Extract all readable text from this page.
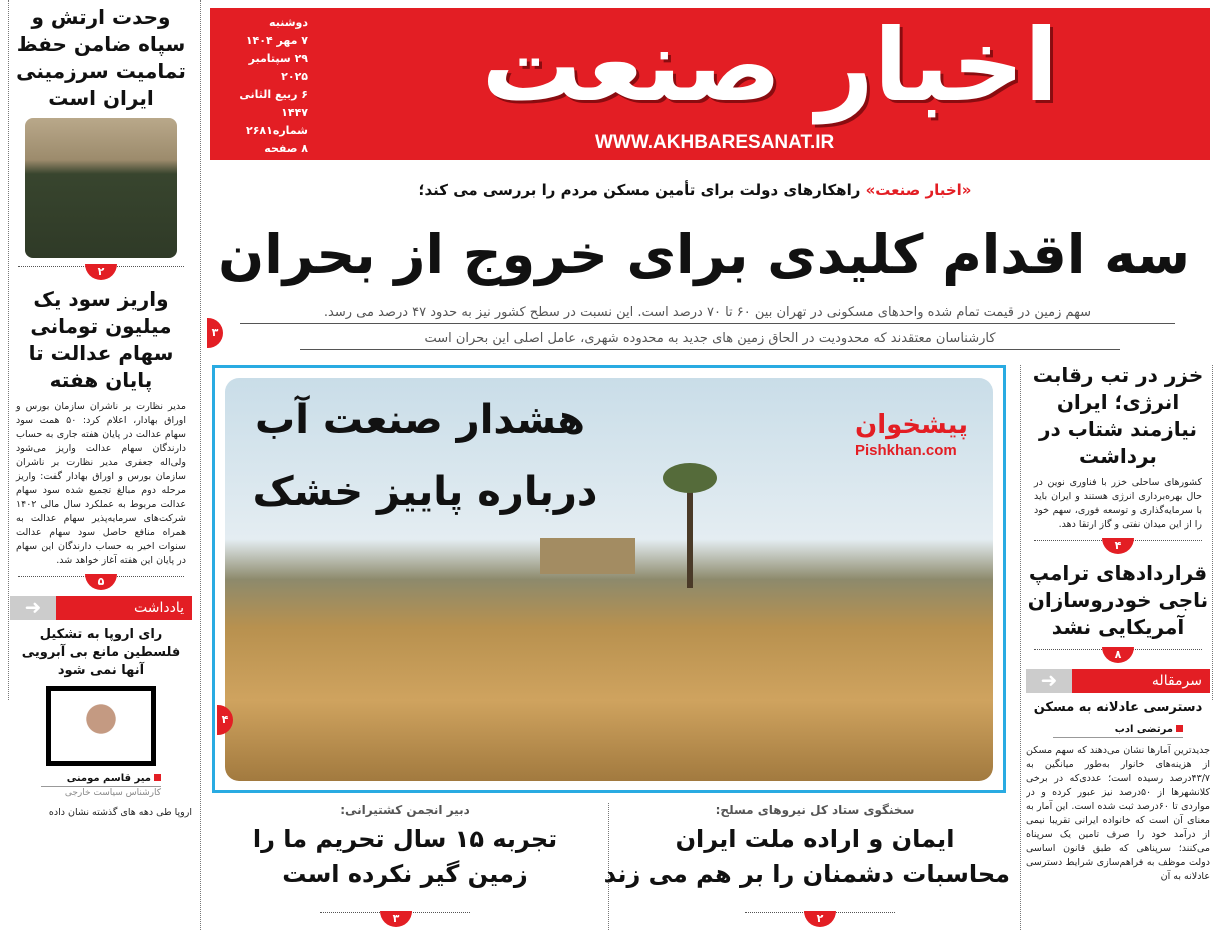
دوشنبه
۷ مهر ۱۴۰۴
۲۹ سپتامبر ۲۰۲۵
۶ ربیع الثانی ۱۴۴۷
شماره۲۶۸۱
۸ صفحه
۱۰۰۰۰ تومان
اخبار صنعت
WWW.AKHBARESANAT.IR
«اخبار صنعت» راهکارهای دولت برای تأمین مسکن مردم را بررسی می کند؛
سه اقدام کلیدی برای خروج از بحران
سهم زمین در قیمت تمام شده واحدهای مسکونی در تهران بین ۶۰ تا ۷۰ درصد است. این نسبت در سطح کشور نیز به حدود ۴۷ درصد می رسد.
کارشناسان معتقدند که محدودیت در الحاق زمین های جدید به محدوده شهری، عامل اصلی این بحران است
۳
هشدار صنعت آب
درباره پاییز خشک
پیشخوان
Pishkhan.com
۴
وحدت ارتش و سپاه ضامن حفظ تمامیت سرزمینی ایران است
۲
واریز سود یک میلیون تومانی سهام عدالت تا پایان هفته
مدیر نظارت بر ناشران سازمان بورس و اوراق بهادار، اعلام کرد: ۵۰ همت سود سهام عدالت در پایان هفته جاری به حساب دارندگان سهام عدالت واریز می‌شود ولی‌اله جعفری مدیر نظارت بر ناشران سازمان بورس و اوراق بهادار گفت: واریز مرحله دوم مبالغ تجمیع شده سود سهام عدالت مربوط به عملکرد سال مالی ۱۴۰۲ شرکت‌های سرمایه‌پذیر سهام عدالت به همراه منافع حاصل سود سهام عدالت سنوات اخیر به حساب دارندگان این سهام در پایان این هفته آغاز خواهد شد.
۵
➜	یادداشت
رای اروپا به تشکیل فلسطین مانع بی آبرویی آنها نمی شود
میر قاسم مومنی
کارشناس سیاست خارجی
اروپا طی دهه های گذشته نشان داده
خزر در تب رقابت انرژی؛ ایران نیازمند شتاب در برداشت
کشورهای ساحلی خزر با فناوری نوین در حال بهره‌برداری انرژی هستند و ایران باید با سرمایه‌گذاری و توسعه فوری، سهم خود را از این میدان نفتی و گاز ارتقا دهد.
۴
قراردادهای ترامپ ناجی خودروسازان آمریکایی نشد
۸
➜	سرمقاله
دسترسی عادلانه به مسکن
مرتضی ادب
جدیدترین آمارها نشان می‌دهند که سهم مسکن از هزینه‌های خانوار به‌طور میانگین به ۴۳/۷درصد رسیده است؛ عددی‌که در برخی کلانشهرها از ۵۰درصد نیز عبور کرده و در مواردی تا ۶۰درصد ثبت شده است. این آمار به معنای آن است که خانواده ایرانی تقریبا نیمی از درآمد خود را صرف تامین یک سرپناه می‌کنند؛ سرپناهی که طبق قانون اساسی دولت موظف به فراهم‌سازی شرایط دسترسی عادلانه به آن
سخنگوی ستاد کل نیروهای مسلح:
ایمان و اراده ملت ایران
محاسبات دشمنان را بر هم می زند
۲
دبیر انجمن کشتیرانی:
تجربه ۱۵ سال تحریم ما را
زمین گیر نکرده است
۳
